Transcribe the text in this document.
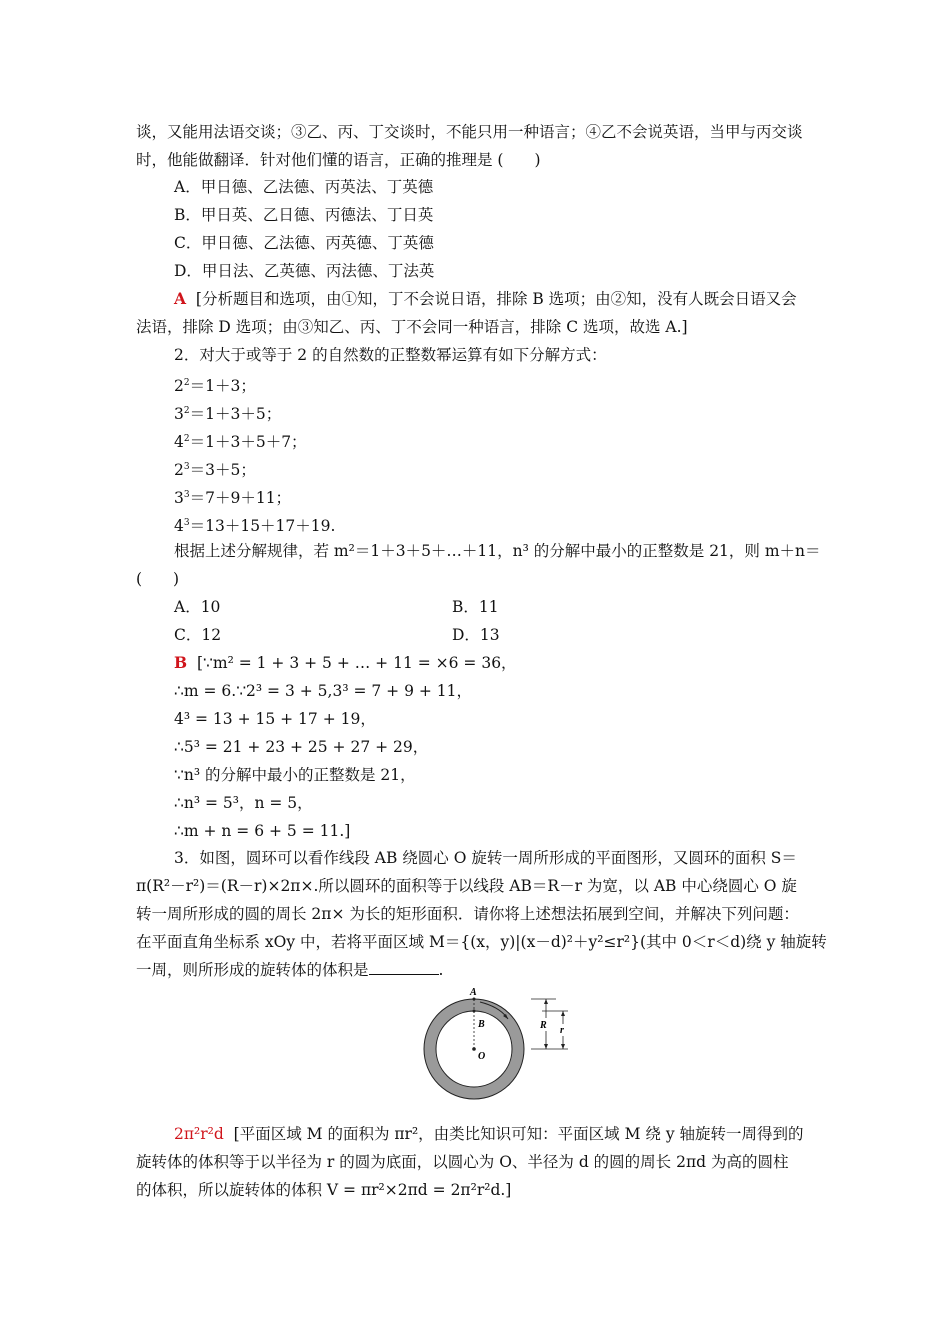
谈，又能用法语交谈；③乙、丙、丁交谈时，不能只用一种语言；④乙不会说英语，当甲与丙交谈
时，他能做翻译．针对他们懂的语言，正确的推理是 (　　)
A．甲日德、乙法德、丙英法、丁英德
B．甲日英、乙日德、丙德法、丁日英
C．甲日德、乙法德、丙英德、丁英德
D．甲日法、乙英德、丙法德、丁法英
A [分析题目和选项，由①知，丁不会说日语，排除 B 选项；由②知，没有人既会日语又会
法语，排除 D 选项；由③知乙、丙、丁不会同一种语言，排除 C 选项，故选 A.]
2．对大于或等于 2 的自然数的正整数幂运算有如下分解方式：
$2^2=1+3$；
$3^2=1+3+5$；
$4^2=1+3+5+7$；
$2^3=3+5$；
$3^3=7+9+11$；
$4^3=13+15+17+19$.
根据上述分解规律，若 m²＝1＋3＋5＋…＋11，n³ 的分解中最小的正整数是 21，则 m＋n＝
(　　)
A．10	B．11
C．12	D．13
B [∵m² = 1 + 3 + 5 + … + 11 = ×6 = 36，
∴m = 6.∵2³ = 3 + 5,3³ = 7 + 9 + 11，
4³ = 13 + 15 + 17 + 19，
∴5³ = 21 + 23 + 25 + 27 + 29，
∵n³ 的分解中最小的正整数是 21，
∴n³ = 5³，n = 5，
∴m + n = 6 + 5 = 11.]
3．如图，圆环可以看作线段 AB 绕圆心 O 旋转一周所形成的平面图形，又圆环的面积 S＝
π(R²－r²)＝(R－r)×2π×.所以圆环的面积等于以线段 AB＝R－r 为宽，以 AB 中心绕圆心 O 旋
转一周所形成的圆的周长 2π× 为长的矩形面积．请你将上述想法拓展到空间，并解决下列问题：
在平面直角坐标系 xOy 中，若将平面区域 M＝{(x，y)|(x－d)²＋y²≤r²}(其中 0＜r＜d)绕 y 轴旋转
一周，则所形成的旋转体的体积是	.
A
B
O
R r
2π²r²d [平面区域 M 的面积为 πr²，由类比知识可知：平面区域 M 绕 y 轴旋转一周得到的
旋转体的体积等于以半径为 r 的圆为底面，以圆心为 O、半径为 d 的圆的周长 2πd 为高的圆柱
的体积，所以旋转体的体积 V = πr²×2πd = 2π²r²d.]
